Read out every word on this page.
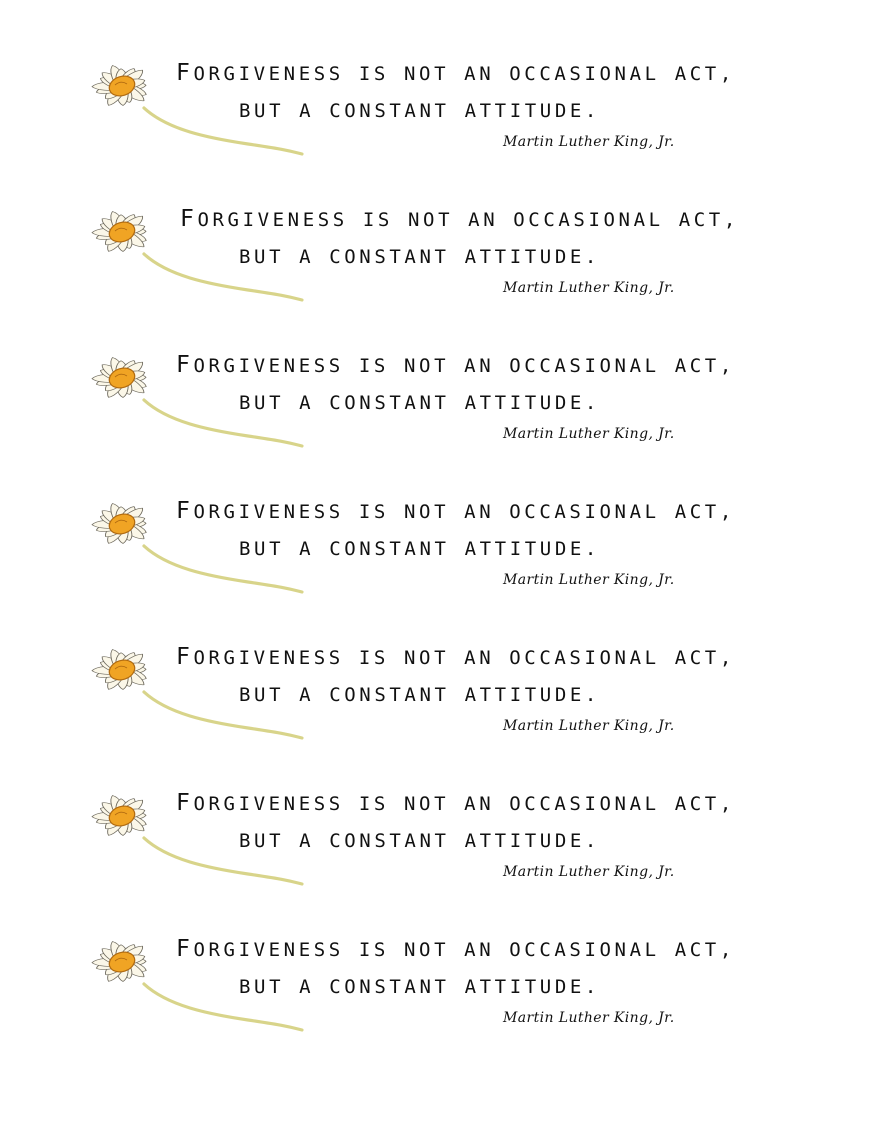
FORGIVENESS IS NOT AN OCCASIONAL ACT,

BUT A CONSTANT ATTITUDE.

Martin Luther King, Jr.

FORGIVENESS IS NOT AN OCCASIONAL ACT,

BUT A CONSTANT ATTITUDE.

Martin Luther King, Jr.

FORGIVENESS IS NOT AN OCCASIONAL ACT,

BUT A CONSTANT ATTITUDE.

Martin Luther King, Jr.

FORGIVENESS IS NOT AN OCCASIONAL ACT,

BUT A CONSTANT ATTITUDE.

Martin Luther King, Jr.

FORGIVENESS IS NOT AN OCCASIONAL ACT,

BUT A CONSTANT ATTITUDE.

Martin Luther King, Jr.

FORGIVENESS IS NOT AN OCCASIONAL ACT,

BUT A CONSTANT ATTITUDE.

Martin Luther King, Jr.

FORGIVENESS IS NOT AN OCCASIONAL ACT,

BUT A CONSTANT ATTITUDE.

Martin Luther King, Jr.
